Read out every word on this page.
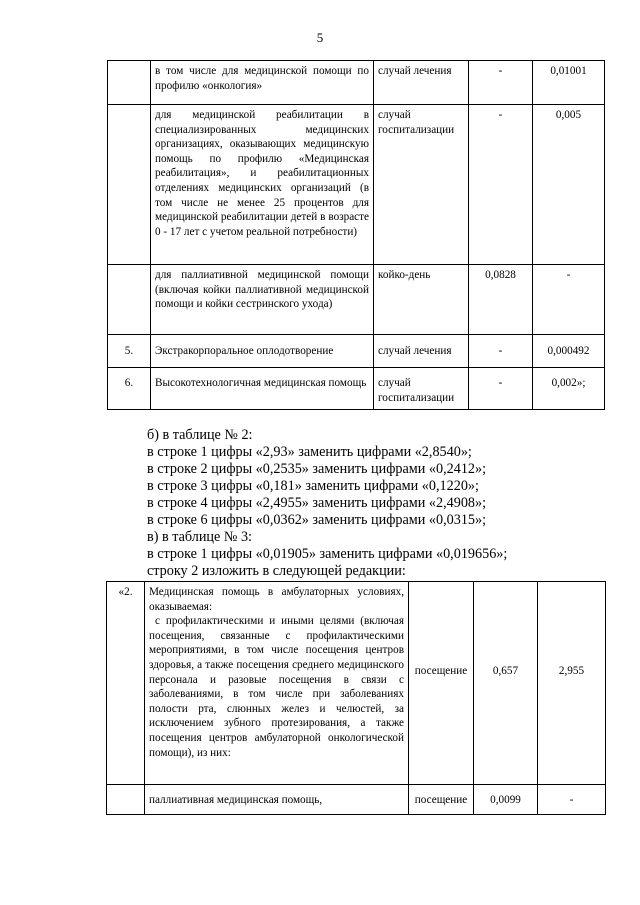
5
	в том числе для медицинской помощи по профилю «онкология»	случай лечения	-	0,01001
	для медицинской реабилитации в специализированных медицинских организациях, оказывающих медицинскую помощь по профилю «Медицинская реабилитация», и реабилитационных отделениях медицинских организаций (в том числе не менее 25 процентов для медицинской реабилитации детей в возрасте 0 - 17 лет с учетом реальной потребности)	случай госпитализации	-	0,005
	для паллиативной медицинской помощи (включая койки паллиативной медицинской помощи и койки сестринского ухода)	койко-день	0,0828	-
5.	Экстракорпоральное оплодотворение	случай лечения	-	0,000492
6.	Высокотехнологичная медицинская помощь	случай госпитализации	-	0,002»;
б) в таблице № 2:
в строке 1 цифры «2,93» заменить цифрами «2,8540»;
в строке 2 цифры «0,2535» заменить цифрами «0,2412»;
в строке 3 цифры «0,181» заменить цифрами «0,1220»;
в строке 4 цифры «2,4955» заменить цифрами «2,4908»;
в строке 6 цифры «0,0362» заменить цифрами «0,0315»;
в) в таблице № 3:
в строке 1 цифры «0,01905» заменить цифрами «0,019656»;
строку 2 изложить в следующей редакции:
«2.	Медицинская помощь в амбулаторных условиях, оказываемая:
с профилактическими и иными целями (включая посещения, связанные с профилактическими мероприятиями, в том числе посещения центров здоровья, а также посещения среднего медицинского персонала и разовые посещения в связи с заболеваниями, в том числе при заболеваниях полости рта, слюнных желез и челюстей, за исключением зубного протезирования, а также посещения центров амбулаторной онкологической помощи), из них:	посещение	0,657	2,955
	паллиативная медицинская помощь,	посещение	0,0099	-
